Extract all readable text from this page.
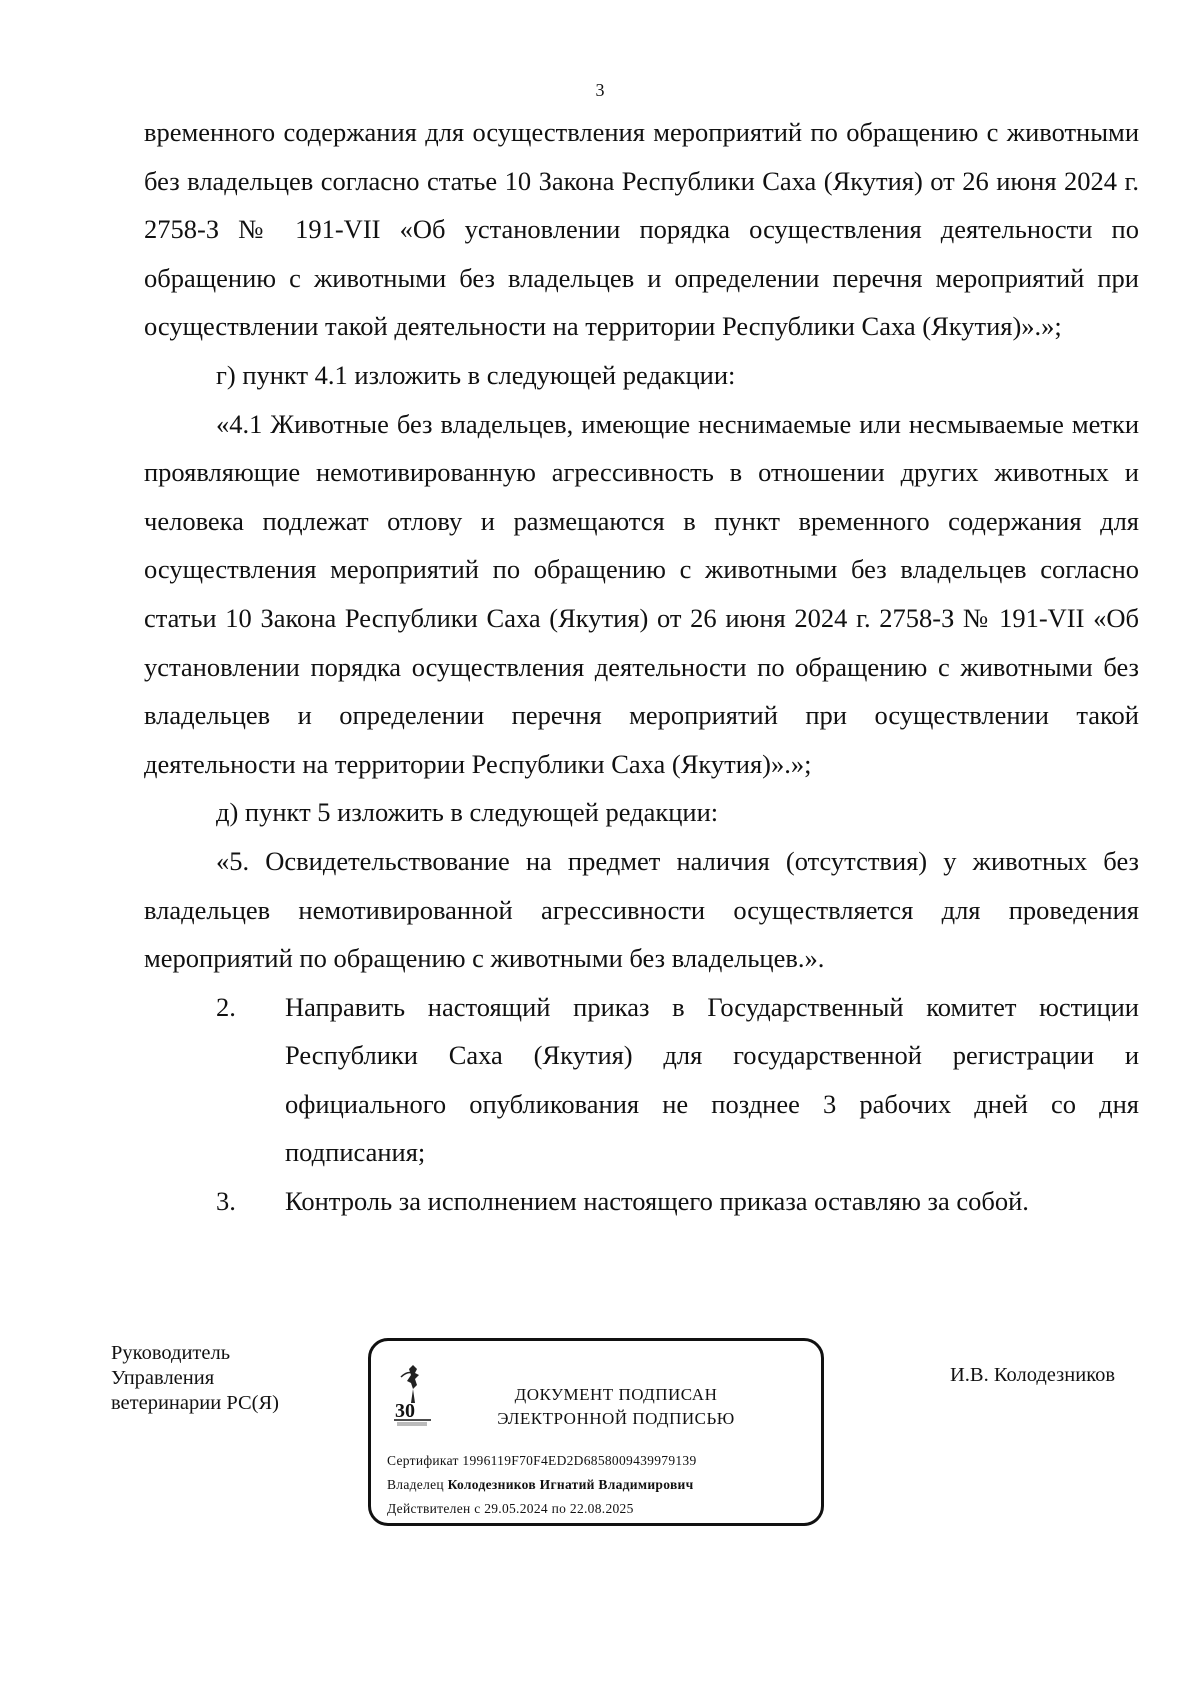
3

временного содержания для осуществления мероприятий по обращению с животными без владельцев согласно статье 10 Закона Республики Саха (Якутия) от 26 июня 2024 г. 2758-З № 191-VII «Об установлении порядка осуществления деятельности по обращению с животными без владельцев и определении перечня мероприятий при осуществлении такой деятельности на территории Республики Саха (Якутия)».»;

г) пункт 4.1 изложить в следующей редакции:

«4.1 Животные без владельцев, имеющие неснимаемые или несмываемые метки проявляющие немотивированную агрессивность в отношении других животных и человека подлежат отлову и размещаются в пункт временного содержания для осуществления мероприятий по обращению с животными без владельцев согласно статьи 10 Закона Республики Саха (Якутия) от 26 июня 2024 г. 2758-З № 191-VII «Об установлении порядка осуществления деятельности по обращению с животными без владельцев и определении перечня мероприятий при осуществлении такой деятельности на территории Республики Саха (Якутия)».»;

д) пункт 5 изложить в следующей редакции:

«5. Освидетельствование на предмет наличия (отсутствия) у животных без владельцев немотивированной агрессивности осуществляется для проведения мероприятий по обращению с животными без владельцев.».

2.	Направить настоящий приказ в Государственный комитет юстиции Республики Саха (Якутия) для государственной регистрации и официального опубликования не позднее 3 рабочих дней со дня подписания;
3.	Контроль за исполнением настоящего приказа оставляю за собой.
Руководитель
Управления
ветеринарии РС(Я)	30
ДОКУМЕНТ ПОДПИСАН
ЭЛЕКТРОННОЙ ПОДПИСЬЮ
Сертификат 1996119F70F4ED2D6858009439979139
Владелец Колодезников Игнатий Владимирович
Действителен с 29.05.2024 по 22.08.2025
И.В. Колодезников
